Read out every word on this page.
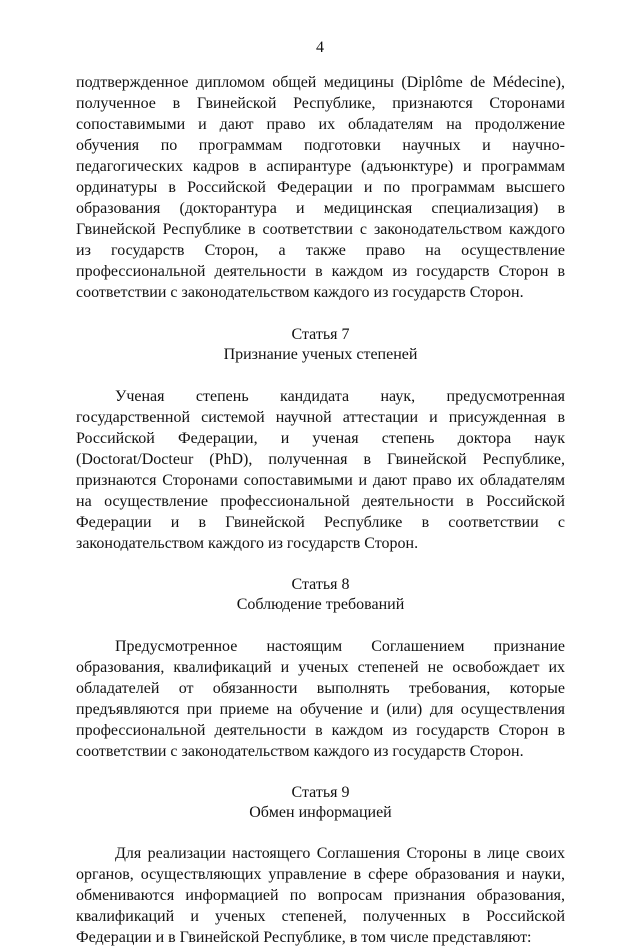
4

подтвержденное дипломом общей медицины (Diplôme de Médecine), полученное в Гвинейской Республике, признаются Сторонами сопоставимыми и дают право их обладателям на продолжение обучения по программам подготовки научных и научно-педагогических кадров в аспирантуре (адъюнктуре) и программам ординатуры в Российской Федерации и по программам высшего образования (докторантура и медицинская специализация) в Гвинейской Республике в соответствии с законодательством каждого из государств Сторон, а также право на осуществление профессиональной деятельности в каждом из государств Сторон в соответствии с законодательством каждого из государств Сторон.

Статья 7
Признание ученых степеней

Ученая степень кандидата наук, предусмотренная государственной системой научной аттестации и присужденная в Российской Федерации, и ученая степень доктора наук (Doctorat/Docteur (PhD), полученная в Гвинейской Республике, признаются Сторонами сопоставимыми и дают право их обладателям на осуществление профессиональной деятельности в Российской Федерации и в Гвинейской Республике в соответствии с законодательством каждого из государств Сторон.

Статья 8
Соблюдение требований

Предусмотренное настоящим Соглашением признание образования, квалификаций и ученых степеней не освобождает их обладателей от обязанности выполнять требования, которые предъявляются при приеме на обучение и (или) для осуществления профессиональной деятельности в каждом из государств Сторон в соответствии с законодательством каждого из государств Сторон.

Статья 9
Обмен информацией

Для реализации настоящего Соглашения Стороны в лице своих органов, осуществляющих управление в сфере образования и науки, обмениваются информацией по вопросам признания образования, квалификаций и ученых степеней, полученных в Российской Федерации и в Гвинейской Республике, в том числе представляют:
